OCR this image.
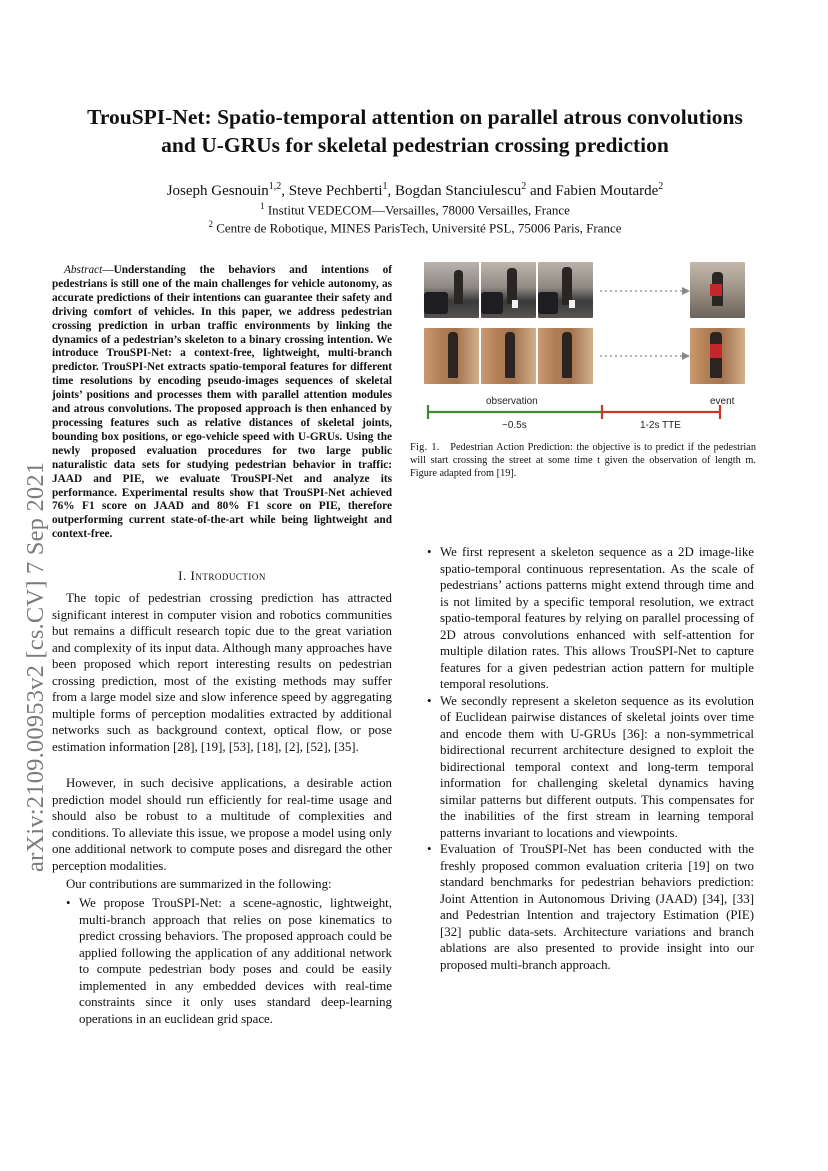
TrouSPI-Net: Spatio-temporal attention on parallel atrous convolutions
and U-GRUs for skeletal pedestrian crossing prediction
Joseph Gesnouin$^{1,2}$, Steve Pechberti$^1$, Bogdan Stanciulescu$^2$ and Fabien Moutarde$^2$
$^1$ Institut VEDECOM—Versailles, 78000 Versailles, France
$^2$ Centre de Robotique, MINES ParisTech, Université PSL, 75006 Paris, France
arXiv:2109.00953v2 [cs.CV] 7 Sep 2021
Abstract—Understanding the behaviors and intentions of pedestrians is still one of the main challenges for vehicle autonomy, as accurate predictions of their intentions can guarantee their safety and driving comfort of vehicles. In this paper, we address pedestrian crossing prediction in urban traffic environments by linking the dynamics of a pedestrian’s skeleton to a binary crossing intention. We introduce TrouSPI-Net: a context-free, lightweight, multi-branch predictor. TrouSPI-Net extracts spatio-temporal features for different time resolutions by encoding pseudo-images sequences of skeletal joints’ positions and processes them with parallel attention modules and atrous convolutions. The proposed approach is then enhanced by processing features such as relative distances of skeletal joints, bounding box positions, or ego-vehicle speed with U-GRUs. Using the newly proposed evaluation procedures for two large public naturalistic data sets for studying pedestrian behavior in traffic: JAAD and PIE, we evaluate TrouSPI-Net and analyze its performance. Experimental results show that TrouSPI-Net achieved 76% F1 score on JAAD and 80% F1 score on PIE, therefore outperforming current state-of-the-art while being lightweight and context-free.
I. Introduction

The topic of pedestrian crossing prediction has attracted significant interest in computer vision and robotics communities but remains a difficult research topic due to the great variation and complexity of its input data. Although many approaches have been proposed which report interesting results on pedestrian crossing prediction, most of the existing methods may suffer from a large model size and slow inference speed by aggregating multiple forms of perception modalities extracted by additional networks such as background context, optical flow, or pose estimation information [28], [19], [53], [18], [2], [52], [35].

However, in such decisive applications, a desirable action prediction model should run efficiently for real-time usage and should also be robust to a multitude of complexities and conditions. To alleviate this issue, we propose a model using only one additional network to compute poses and disregard the other perception modalities.

Our contributions are summarized in the following:

• We propose TrouSPI-Net: a scene-agnostic, lightweight, multi-branch approach that relies on pose kinematics to predict crossing behaviors. The proposed approach could be applied following the application of any additional network to compute pedestrian body poses and could be easily implemented in any embedded devices with real-time constraints since it only uses standard deep-learning operations in an euclidean grid space.
• We first represent a skeleton sequence as a 2D image-like spatio-temporal continuous representation. As the scale of pedestrians’ actions patterns might extend through time and is not limited by a specific temporal resolution, we extract spatio-temporal features by relying on parallel processing of 2D atrous convolutions enhanced with self-attention for multiple dilation rates. This allows TrouSPI-Net to capture features for a given pedestrian action pattern for multiple temporal resolutions.
• We secondly represent a skeleton sequence as its evolution of Euclidean pairwise distances of skeletal joints over time and encode them with U-GRUs [36]: a non-symmetrical bidirectional recurrent architecture designed to exploit the bidirectional temporal context and long-term temporal information for challenging skeletal dynamics having similar patterns but different outputs. This compensates for the inabilities of the first stream in learning temporal patterns invariant to locations and viewpoints.
• Evaluation of TrouSPI-Net has been conducted with the freshly proposed common evaluation criteria [19] on two standard benchmarks for pedestrian behaviors prediction: Joint Attention in Autonomous Driving (JAAD) [34], [33] and Pedestrian Intention and trajectory Estimation (PIE) [32] public data-sets. Architecture variations and branch ablations are also presented to provide insight into our proposed multi-branch approach.
observation	event
~0.5s	1-2s TTE
Fig. 1. Pedestrian Action Prediction: the objective is to predict if the pedestrian will start crossing the street at some time t given the observation of length m. Figure adapted from [19].
